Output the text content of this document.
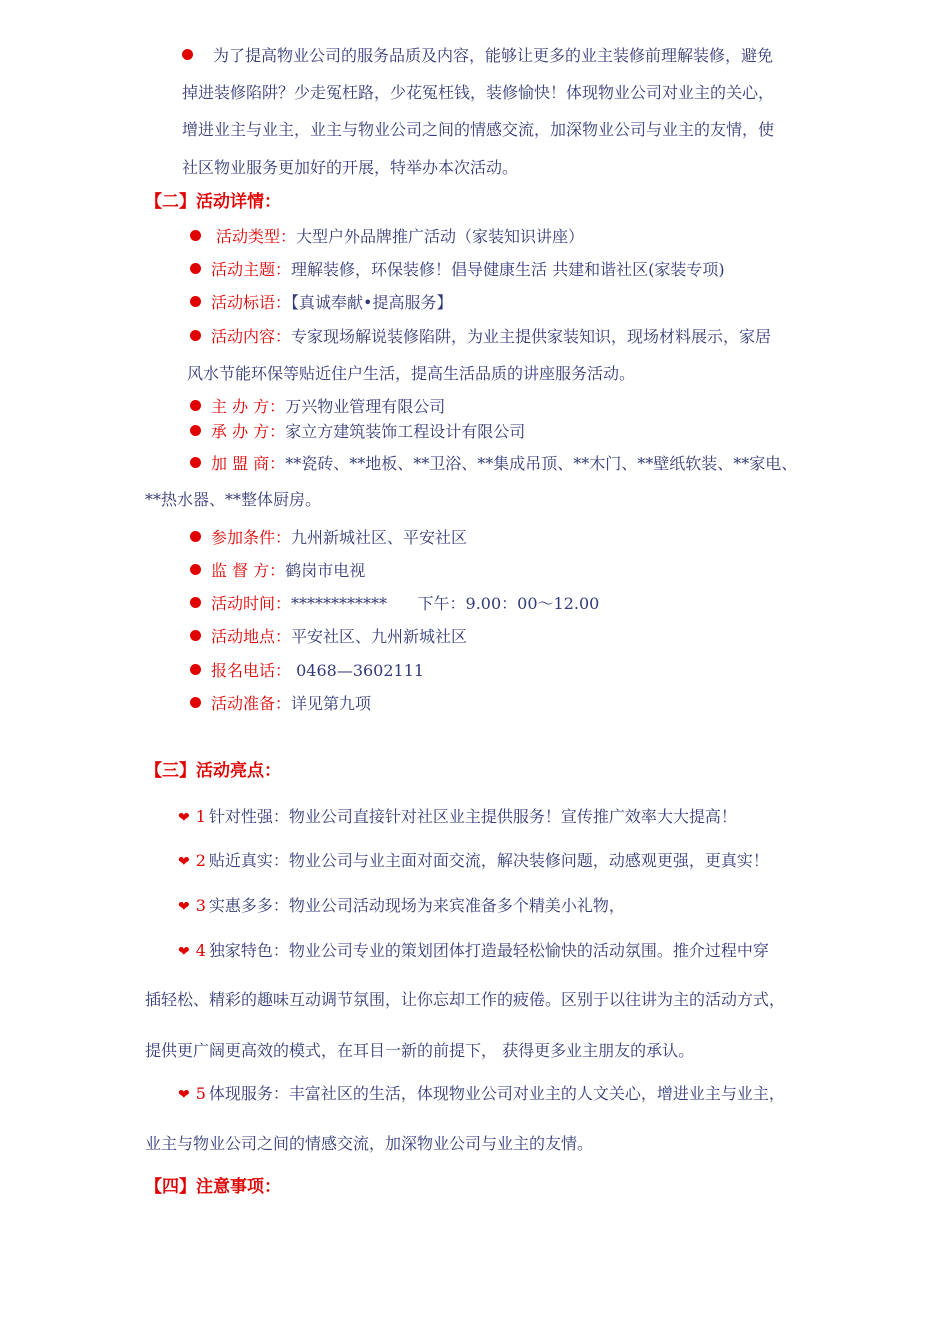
为了提高物业公司的服务品质及内容，能够让更多的业主装修前理解装修，避免
掉进装修陷阱？少走冤枉路，少花冤枉钱，装修愉快！体现物业公司对业主的关心，
增进业主与业主，业主与物业公司之间的情感交流，加深物业公司与业主的友情，使
社区物业服务更加好的开展，特举办本次活动。
【二】活动详情：
活动类型：大型户外品牌推广活动（家装知识讲座）
活动主题：理解装修，环保装修！倡导健康生活 共建和谐社区(家装专项)
活动标语：【真诚奉献•提高服务】
活动内容：专家现场解说装修陷阱，为业主提供家装知识，现场材料展示，家居
风水节能环保等贴近住户生活，提高生活品质的讲座服务活动。
主 办 方：万兴物业管理有限公司
承 办 方：家立方建筑装饰工程设计有限公司
加 盟 商：**瓷砖、**地板、**卫浴、**集成吊顶、**木门、**壁纸软装、**家电、
**热水器、**整体厨房。
参加条件：九州新城社区、平安社区
监 督 方：鹤岗市电视
活动时间：************      下午：9.00：00～12.00
活动地点：平安社区、九州新城社区
报名电话： 0468—3602111
活动准备：详见第九项
【三】活动亮点：
❤ 1 针对性强：物业公司直接针对社区业主提供服务！宣传推广效率大大提高！
❤ 2 贴近真实：物业公司与业主面对面交流，解决装修问题，动感观更强，更真实！
❤ 3 实惠多多：物业公司活动现场为来宾准备多个精美小礼物，
❤ 4 独家特色：物业公司专业的策划团体打造最轻松愉快的活动氛围。推介过程中穿
插轻松、精彩的趣味互动调节氛围，让你忘却工作的疲倦。区别于以往讲为主的活动方式，
提供更广阔更高效的模式，在耳目一新的前提下， 获得更多业主朋友的承认。
❤ 5 体现服务：丰富社区的生活，体现物业公司对业主的人文关心，增进业主与业主，
业主与物业公司之间的情感交流，加深物业公司与业主的友情。
【四】注意事项：
